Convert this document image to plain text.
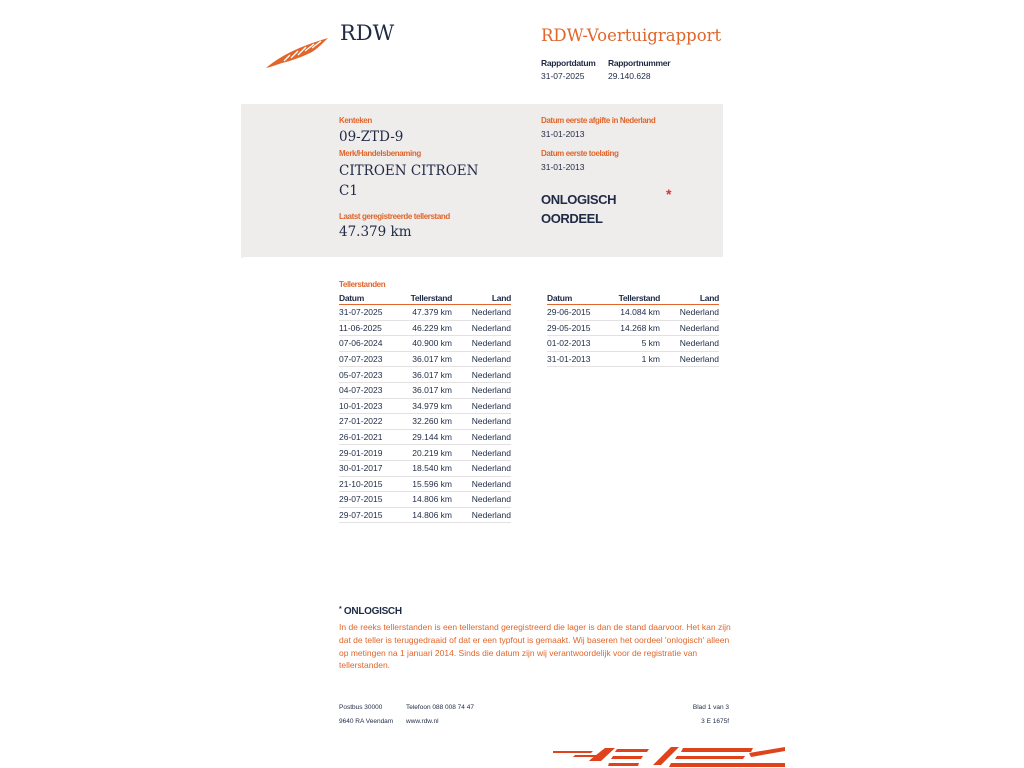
RDW	RDW-Voertuigrapport
Rapportdatum Rapportnummer
31-07-2025	29.140.628
Kenteken
09-ZTD-9
Merk/Handelsbenaming
CITROEN CITROEN
C1
Laatst geregistreerde tellerstand
47.379 km
Datum eerste afgifte in Nederland
31-01-2013
Datum eerste toelating
31-01-2013
ONLOGISCH
OORDEEL
*
Tellerstanden
Datum	Tellerstand	Land
31-07-2025	47.379 km	Nederland
11-06-2025	46.229 km	Nederland
07-06-2024	40.900 km	Nederland
07-07-2023	36.017 km	Nederland
05-07-2023	36.017 km	Nederland
04-07-2023	36.017 km	Nederland
10-01-2023	34.979 km	Nederland
27-01-2022	32.260 km	Nederland
26-01-2021	29.144 km	Nederland
29-01-2019	20.219 km	Nederland
30-01-2017	18.540 km	Nederland
21-10-2015	15.596 km	Nederland
29-07-2015	14.806 km	Nederland
29-07-2015	14.806 km	Nederland
Datum	Tellerstand	Land
29-06-2015	14.084 km	Nederland
29-05-2015	14.268 km	Nederland
01-02-2013	5 km	Nederland
31-01-2013	1 km	Nederland
* ONLOGISCH
In de reeks tellerstanden is een tellerstand geregistreerd die lager is dan de stand daarvoor. Het kan zijn dat de teller is teruggedraaid of dat er een typfout is gemaakt. Wij baseren het oordeel 'onlogisch' alleen op metingen na 1 januari 2014. Sinds die datum zijn wij verantwoordelijk voor de registratie van tellerstanden.
Postbus 30000
9640 RA Veendam
Telefoon 088 008 74 47
www.rdw.nl
Blad 1 van 3
3 E 1675f
